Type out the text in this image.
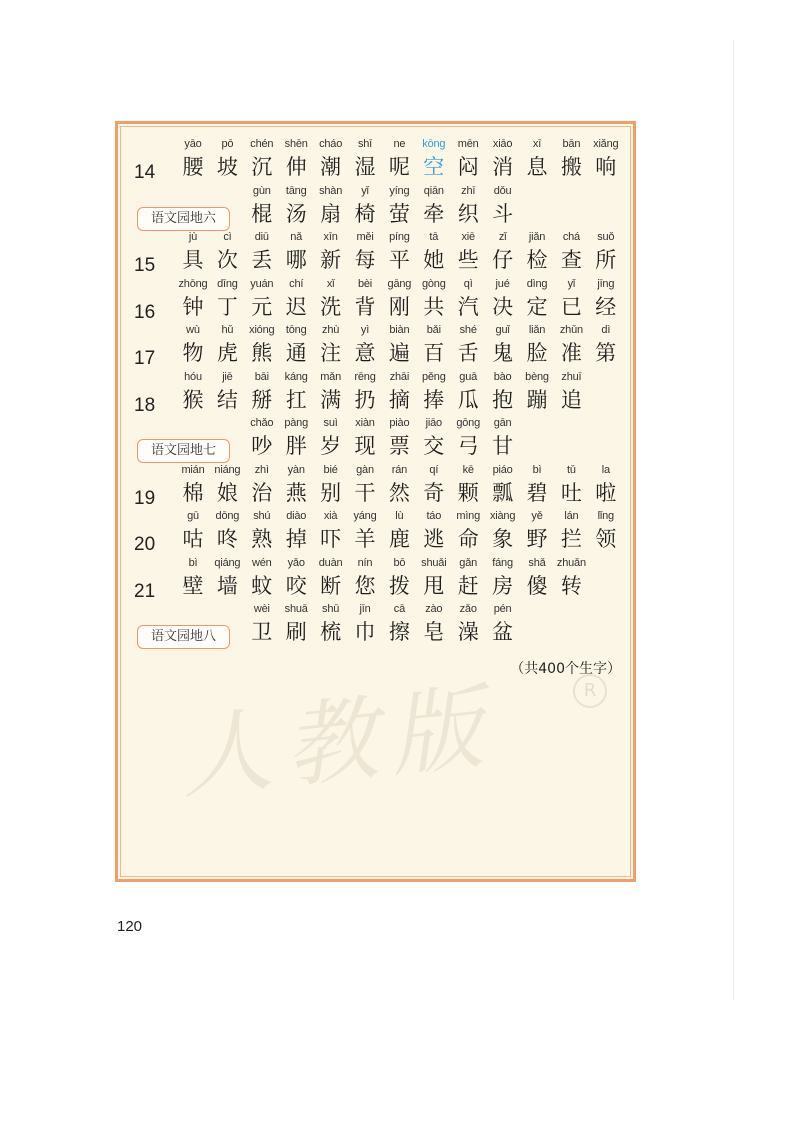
人教版	R
（共400个生字）
14
yāo
腰
pō
坡
chén
沉
shēn
伸
cháo
潮
shī
湿
ne
呢
kōng
空
mēn
闷
xiāo
消
xī
息
bān
搬
xiǎng
响
语文园地六
gùn
棍
tāng
汤
shàn
扇
yǐ
椅
yíng
萤
qiān
牵
zhī
织
dǒu
斗
15
jù
具
cì
次
diū
丢
nǎ
哪
xīn
新
měi
每
píng
平
tā
她
xiē
些
zǐ
仔
jiǎn
检
chá
查
suǒ
所
16
zhōng
钟
dīng
丁
yuán
元
chí
迟
xǐ
洗
bèi
背
gāng
刚
gòng
共
qì
汽
jué
决
dìng
定
yǐ
已
jīng
经
17
wù
物
hǔ
虎
xióng
熊
tōng
通
zhù
注
yì
意
biàn
遍
bǎi
百
shé
舌
guǐ
鬼
liǎn
脸
zhǔn
准
dì
第
18
hóu
猴
jiē
结
bāi
掰
káng
扛
mǎn
满
rēng
扔
zhāi
摘
pěng
捧
guā
瓜
bào
抱
bèng
蹦
zhuī
追
语文园地七
chǎo
吵
pàng
胖
suì
岁
xiàn
现
piào
票
jiāo
交
gōng
弓
gān
甘
19
mián
棉
niáng
娘
zhì
治
yàn
燕
bié
别
gàn
干
rán
然
qí
奇
kē
颗
piáo
瓢
bì
碧
tǔ
吐
la
啦
20
gū
咕
dōng
咚
shú
熟
diào
掉
xià
吓
yáng
羊
lù
鹿
táo
逃
mìng
命
xiàng
象
yě
野
lán
拦
lǐng
领
21
bì
壁
qiáng
墙
wén
蚊
yǎo
咬
duàn
断
nín
您
bō
拨
shuǎi
甩
gǎn
赶
fáng
房
shǎ
傻
zhuǎn
转
语文园地八
wèi
卫
shuā
刷
shū
梳
jīn
巾
cā
擦
zào
皂
zǎo
澡
pén
盆
120
